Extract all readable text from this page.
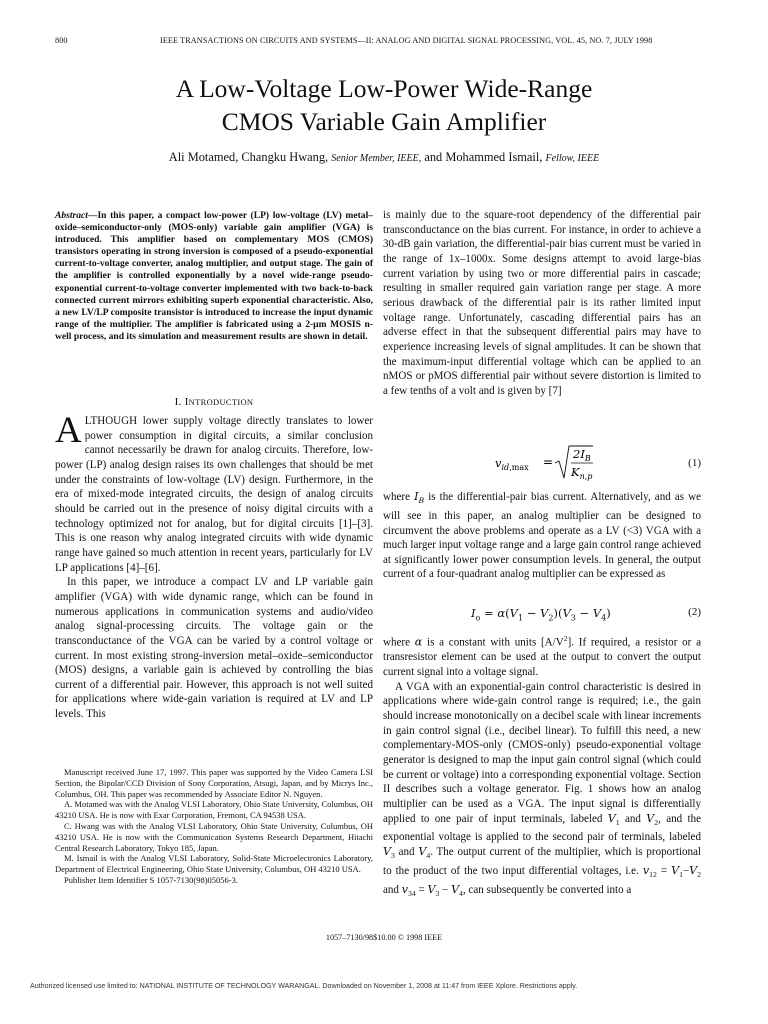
800	IEEE TRANSACTIONS ON CIRCUITS AND SYSTEMS—II: ANALOG AND DIGITAL SIGNAL PROCESSING, VOL. 45, NO. 7, JULY 1998
A Low-Voltage Low-Power Wide-Range
CMOS Variable Gain Amplifier
Ali Motamed, Changku Hwang, Senior Member, IEEE, and Mohammed Ismail, Fellow, IEEE
Abstract—In this paper, a compact low-power (LP) low-voltage (LV) metal–oxide–semiconductor-only (MOS-only) variable gain amplifier (VGA) is introduced. This amplifier based on complementary MOS (CMOS) transistors operating in strong inversion is composed of a pseudo-exponential current-to-voltage converter, analog multiplier, and output stage. The gain of the amplifier is controlled exponentially by a novel wide-range pseudo-exponential current-to-voltage converter implemented with two back-to-back connected current mirrors exhibiting superb exponential characteristic. Also, a new LV/LP composite transistor is introduced to increase the input dynamic range of the multiplier. The amplifier is fabricated using a 2-μm MOSIS n-well process, and its simulation and measurement results are shown in detail.
I. INTRODUCTION

ALTHOUGH lower supply voltage directly translates to lower power consumption in digital circuits, a similar conclusion cannot necessarily be drawn for analog circuits. Therefore, low-power (LP) analog design raises its own challenges that should be met under the constraints of low-voltage (LV) design. Furthermore, in the era of mixed-mode integrated circuits, the design of analog circuits should be carried out in the presence of noisy digital circuits with a technology optimized not for analog, but for digital circuits [1]–[3]. This is one reason why analog integrated circuits with wide dynamic range have gained so much attention in recent years, particularly for LV LP applications [4]–[6].

In this paper, we introduce a compact LV and LP variable gain amplifier (VGA) with wide dynamic range, which can be found in numerous applications in communication systems and audio/video analog signal-processing circuits. The voltage gain or the transconductance of the VGA can be varied by a control voltage or current. In most existing strong-inversion metal–oxide–semiconductor (MOS) designs, a variable gain is achieved by controlling the bias current of a differential pair. However, this approach is not well suited for applications where wide-gain variation is required at LV and LP levels. This

Manuscript received June 17, 1997. This paper was supported by the Video Camera LSI Section, the Bipolar/CCD Division of Sony Corporation, Atsugi, Japan, and by Micrys Inc., Columbus, OH. This paper was recommended by Associate Editor N. Nguyen.

A. Motamed was with the Analog VLSI Laboratory, Ohio State University, Columbus, OH 43210 USA. He is now with Exar Corporation, Fremont, CA 94538 USA.

C. Hwang was with the Analog VLSI Laboratory, Ohio State University, Columbus, OH 43210 USA. He is now with the Communication Systems Research Department, Hitachi Central Research Laboratory, Tokyo 185, Japan.

M. Ismail is with the Analog VLSI Laboratory, Solid-State Microelectronics Laboratory, Department of Electrical Engineering, Ohio State University, Columbus, OH 43210 USA.

Publisher Item Identifier S 1057-7130(98)05056-3.

is mainly due to the square-root dependency of the differential pair transconductance on the bias current. For instance, in order to achieve a 30-dB gain variation, the differential-pair bias current must be varied in the range of 1x–1000x. Some designs attempt to avoid large-bias current variation by using two or more differential pairs in cascade; resulting in smaller required gain variation range per stage. A more serious drawback of the differential pair is its rather limited input voltage range. Unfortunately, cascading differential pairs has an adverse effect in that the subsequent differential pairs may have to experience increasing levels of signal amplitudes. It can be shown that the maximum-input differential voltage which can be applied to an nMOS or pMOS differential pair without severe distortion is limited to a few tenths of a volt and is given by [7]
$v_{id},\max$ =
$2I_B$
$K_{n,p}$
(1)
where $I_B$ is the differential-pair bias current. Alternatively, and as we will see in this paper, an analog multiplier can be designed to circumvent the above problems and operate as a LV (<3) VGA with a much larger input voltage range and a large gain control range achieved at significantly lower power consumption levels. In general, the output current of a four-quadrant analog multiplier can be expressed as
$I_o = \alpha(V_1 - V_2)(V_3 - V_4)$	(2)

where α is a constant with units $[A/V^2]$. If required, a resistor or a transresistor element can be used at the output to convert the output current signal into a voltage signal.

A VGA with an exponential-gain control characteristic is desired in applications where wide-gain control range is required; i.e., the gain should increase monotonically on a decibel scale with linear increments in gain control signal (i.e., decibel linear). To fulfill this need, a new complementary-MOS-only (CMOS-only) pseudo-exponential voltage generator is designed to map the input gain control signal (which could be current or voltage) into a corresponding exponential voltage. Section II describes such a voltage generator. Fig. 1 shows how an analog multiplier can be used as a VGA. The input signal is differentially applied to one pair of input terminals, labeled $V_1$ and $V_2$, and the exponential voltage is applied to the second pair of terminals, labeled $V_3$ and $V_4$. The output current of the multiplier, which is proportional to the product of the two input differential voltages, i.e. $v_{12} = V_1-V_2$ and $v_{34} = V_3 - V_4$, can subsequently be converted into a

1057–7130/98$10.00 © 1998 IEEE
Authorized licensed use limited to: NATIONAL INSTITUTE OF TECHNOLOGY WARANGAL. Downloaded on November 1, 2008 at 11:47 from IEEE Xplore. Restrictions apply.
